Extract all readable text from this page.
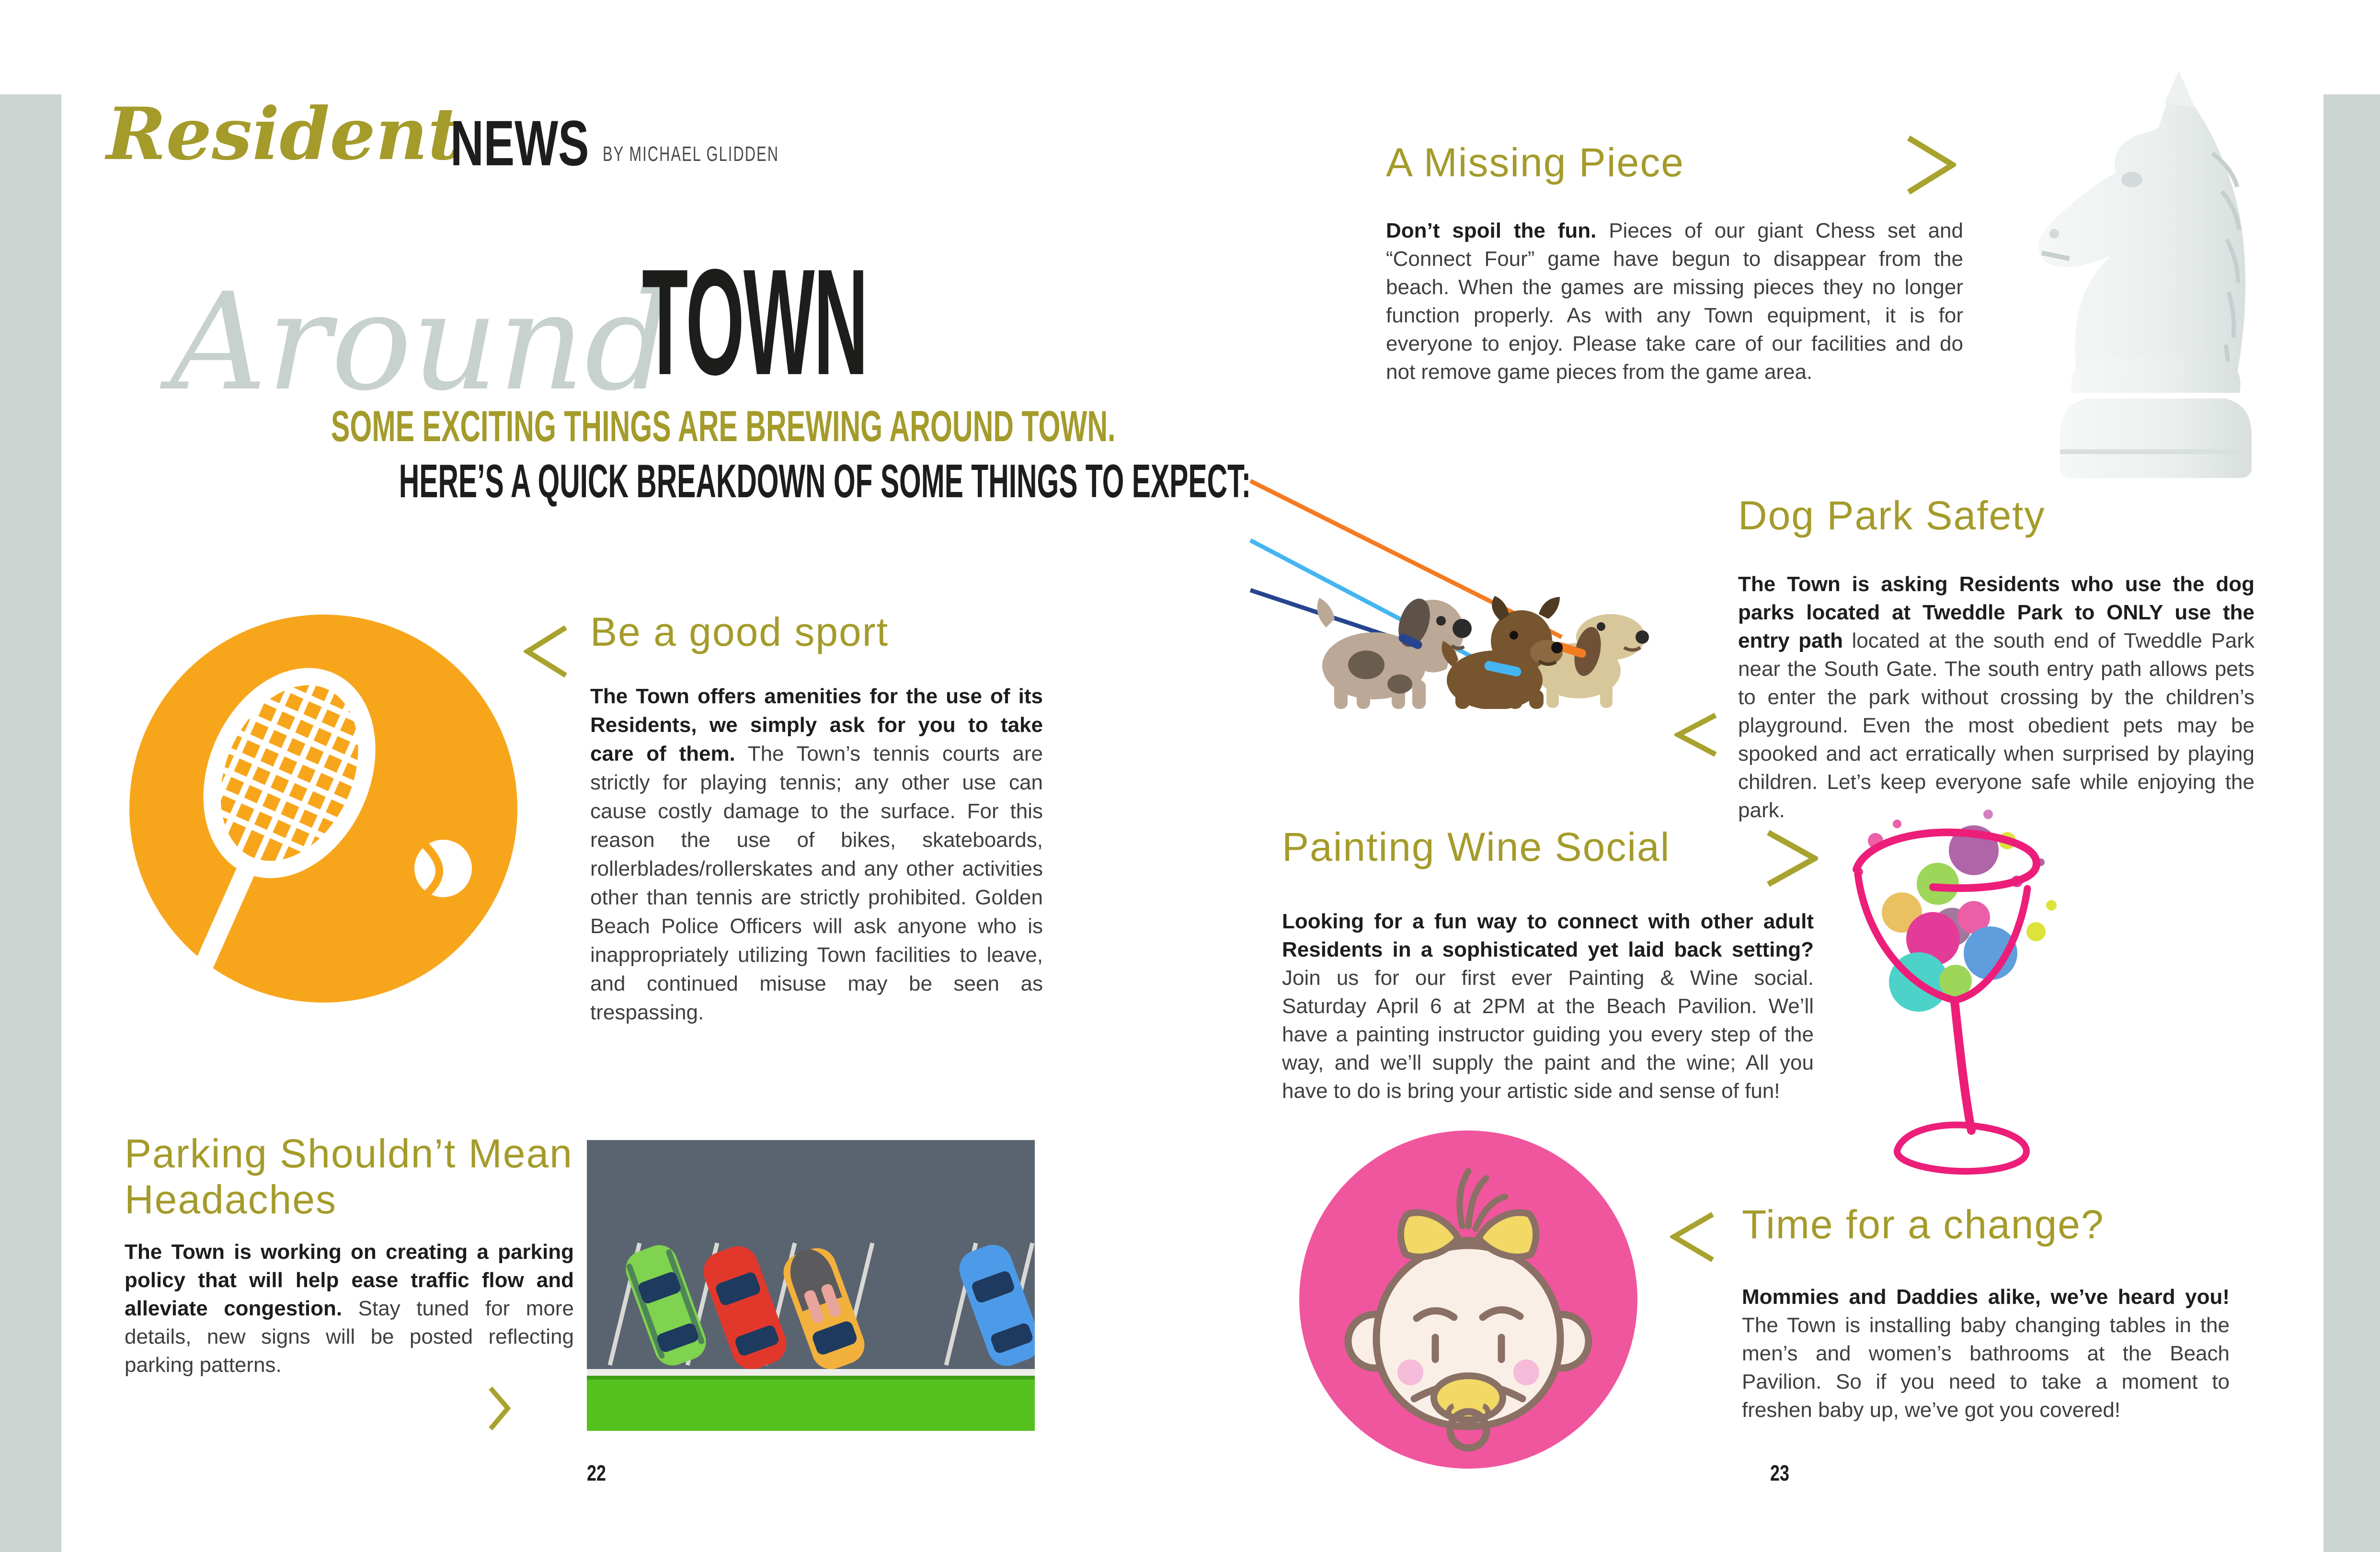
Resident
NEWS BY MICHAEL GLIDDEN
Around
TOWN
SOME EXCITING THINGS ARE BREWING AROUND TOWN.
HERE’S A QUICK BREAKDOWN OF SOME THINGS TO EXPECT:
Be a good sport
The Town offers amenities for the use of its Residents, we simply ask for you to take care of them. The Town’s tennis courts are strictly for playing tennis; any other use can cause costly damage to the surface. For this reason the use of bikes, skateboards, rollerblades/rollerskates and any other activities other than tennis are strictly prohibited. Golden Beach Police Officers will ask anyone who is inappropriately utilizing Town facilities to leave, and continued misuse may be seen as trespassing.
Parking Shouldn’t Mean Headaches
The Town is working on creating a parking policy that will help ease traffic flow and alleviate congestion. Stay tuned for more details, new signs will be posted reflecting parking patterns.
22
A Missing Piece
Don’t spoil the fun. Pieces of our giant Chess set and “Connect Four” game have begun to disappear from the beach. When the games are missing pieces they no longer function properly. As with any Town equipment, it is for everyone to enjoy. Please take care of our facilities and do not remove game pieces from the game area.
Dog Park Safety
The Town is asking Residents who use the dog parks located at Tweddle Park to ONLY use the entry path located at the south end of Tweddle Park near the South Gate. The south entry path allows pets to enter the park without crossing by the children’s playground. Even the most obedient pets may be spooked and act erratically when surprised by playing children. Let’s keep everyone safe while enjoying the park.
Painting Wine Social
Looking for a fun way to connect with other adult Residents in a sophisticated yet laid back setting? Join us for our first ever Painting & Wine social. Saturday April 6 at 2PM at the Beach Pavilion. We’ll have a painting instructor guiding you every step of the way, and we’ll supply the paint and the wine; All you have to do is bring your artistic side and sense of fun!
Time for a change?
Mommies and Daddies alike, we’ve heard you! The Town is installing baby changing tables in the men’s and women’s bathrooms at the Beach Pavilion. So if you need to take a moment to freshen baby up, we’ve got you covered!
23
